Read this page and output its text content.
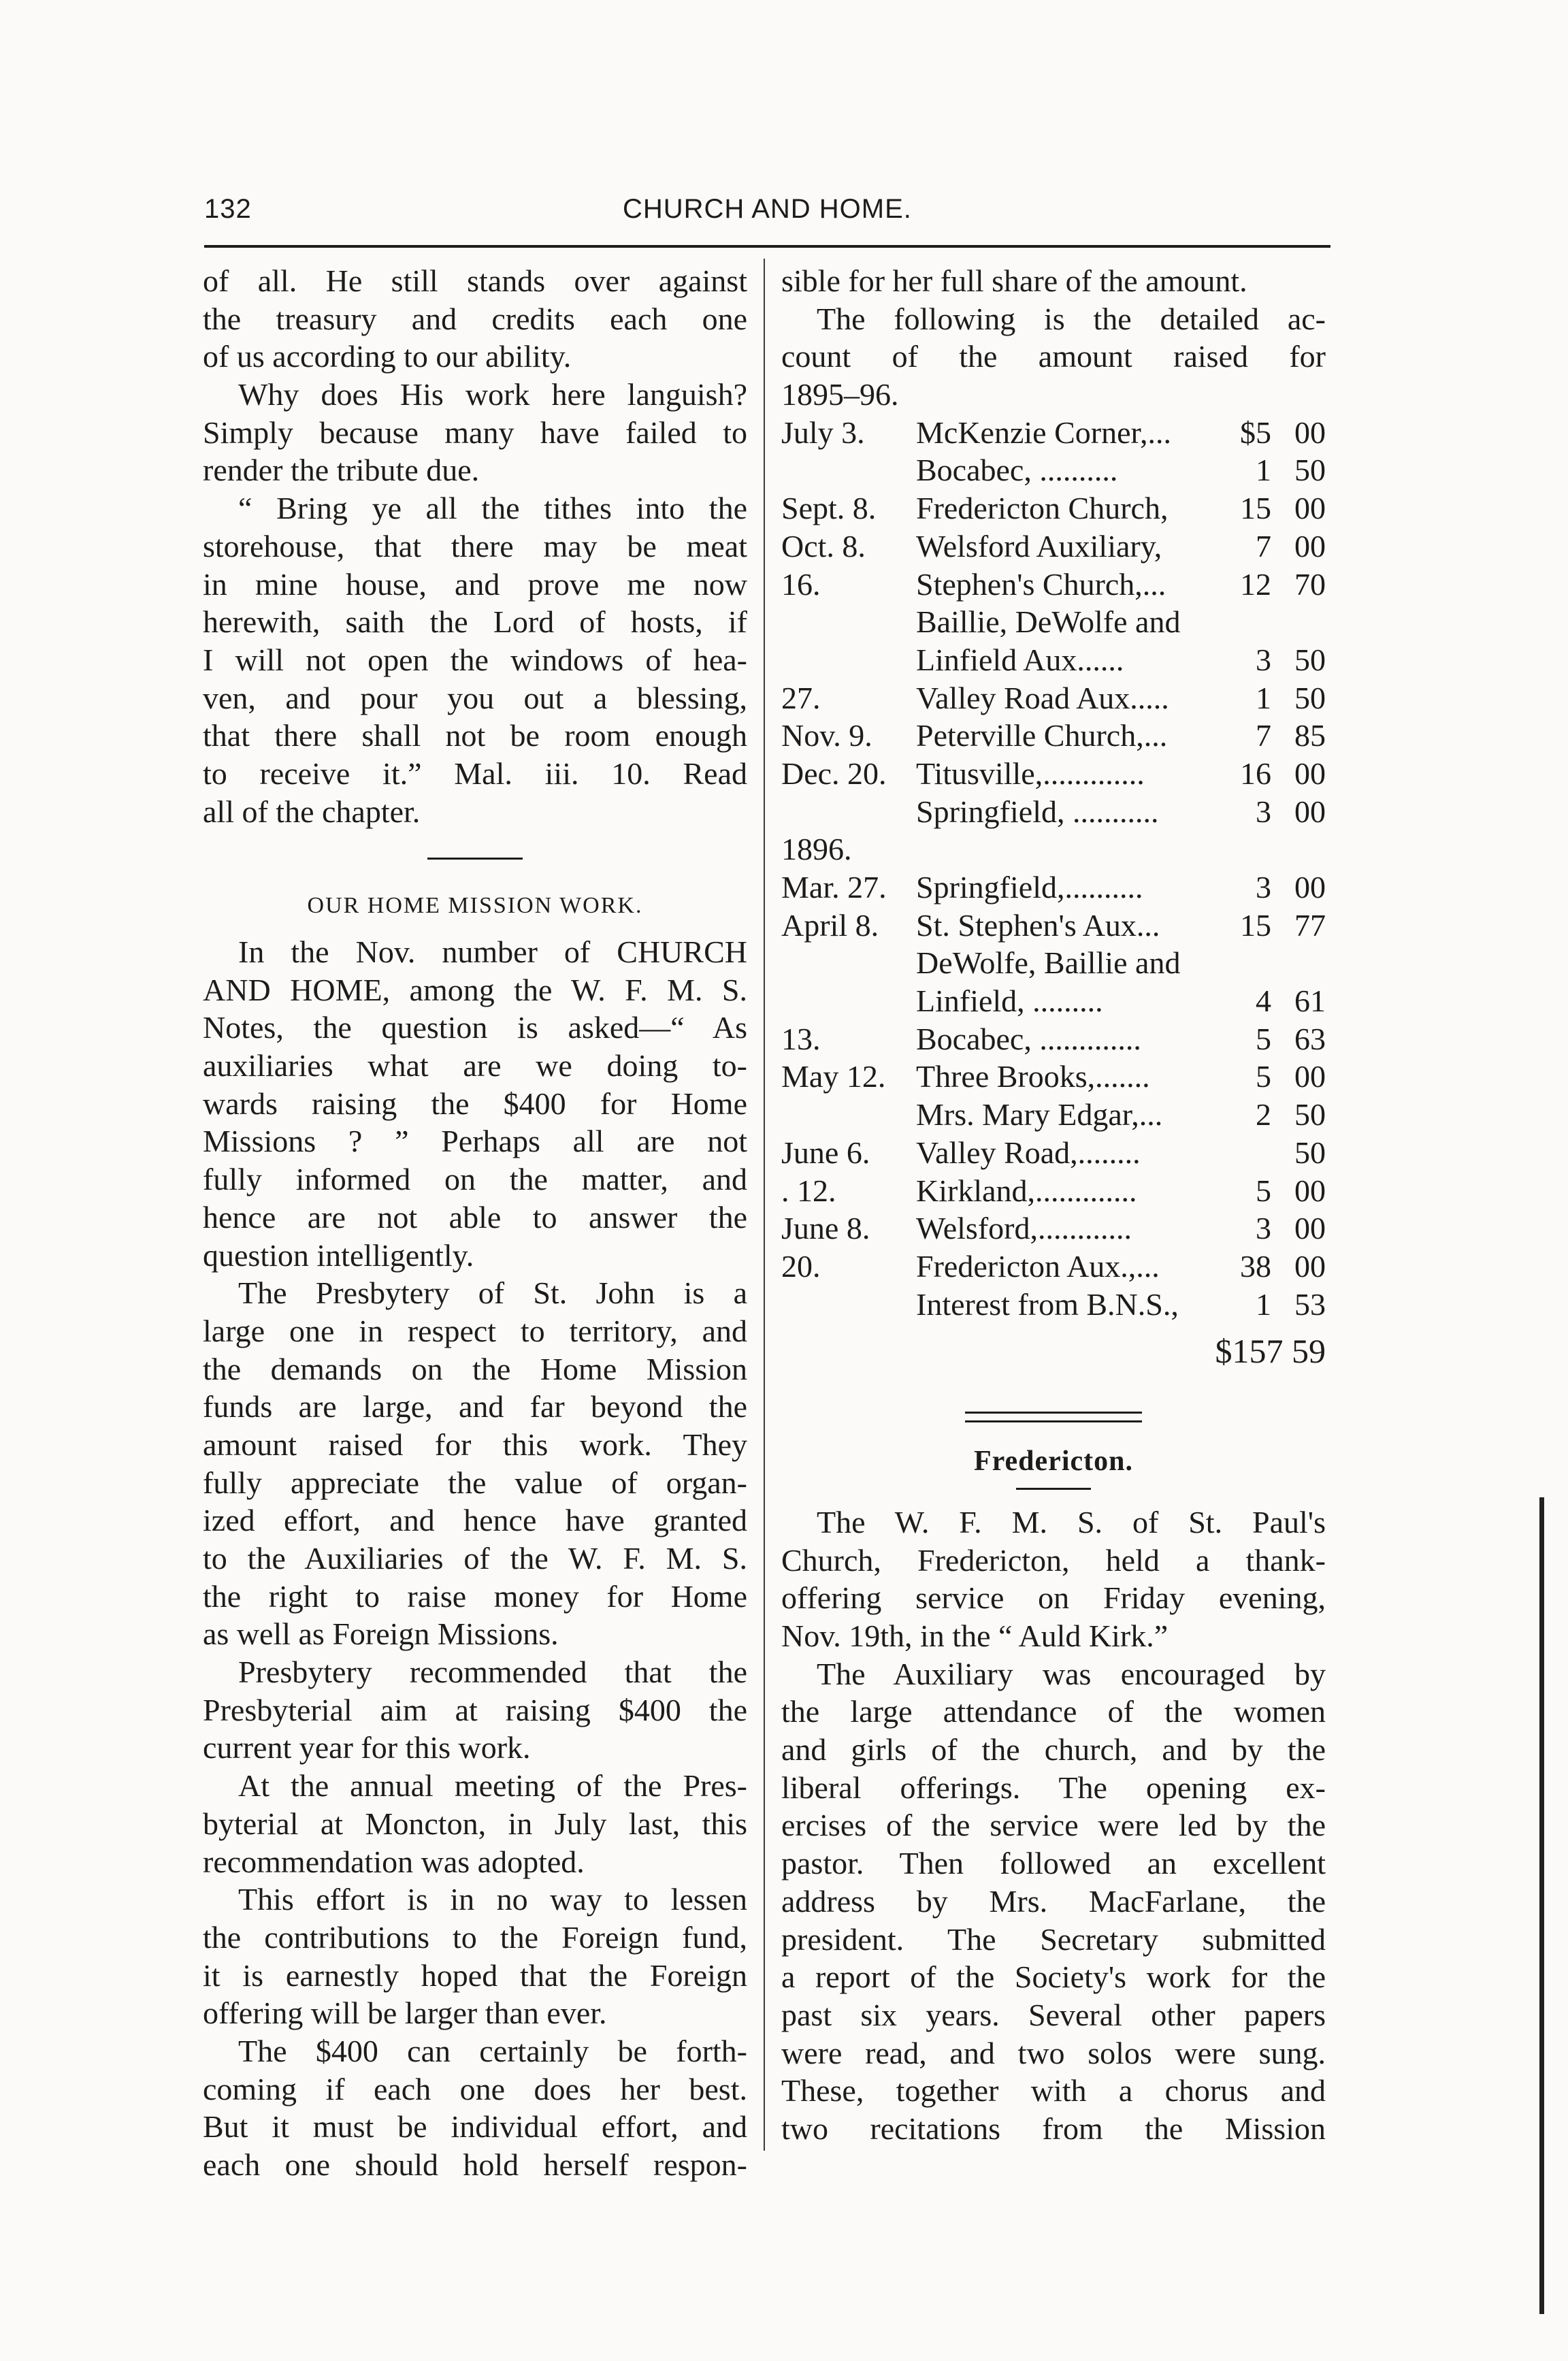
132	CHURCH AND HOME.
of all. He still stands over against
the treasury and credits each one
of us according to our ability.
Why does His work here languish?
Simply because many have failed to
render the tribute due.
“ Bring ye all the tithes into the
storehouse, that there may be meat
in mine house, and prove me now
herewith, saith the Lord of hosts, if
I will not open the windows of hea-
ven, and pour you out a blessing,
that there shall not be room enough
to receive it.” Mal. iii. 10. Read
all of the chapter.
OUR HOME MISSION WORK.
In the Nov. number of CHURCH
AND HOME, among the W. F. M. S.
Notes, the question is asked—“ As
auxiliaries what are we doing to-
wards raising the $400 for Home
Missions ? ” Perhaps all are not
fully informed on the matter, and
hence are not able to answer the
question intelligently.
The Presbytery of St. John is a
large one in respect to territory, and
the demands on the Home Mission
funds are large, and far beyond the
amount raised for this work. They
fully appreciate the value of organ-
ized effort, and hence have granted
to the Auxiliaries of the W. F. M. S.
the right to raise money for Home
as well as Foreign Missions.
Presbytery recommended that the
Presbyterial aim at raising $400 the
current year for this work.
At the annual meeting of the Pres-
byterial at Moncton, in July last, this
recommendation was adopted.
This effort is in no way to lessen
the contributions to the Foreign fund,
it is earnestly hoped that the Foreign
offering will be larger than ever.
The $400 can certainly be forth-
coming if each one does her best.
But it must be individual effort, and
each one should hold herself respon-
sible for her full share of the amount.
The following is the detailed ac-
count of the amount raised for
1895–96.
July 3. McKenzie Corner,... $5 00
Bocabec, ..........	1 50
Sept. 8. Fredericton Church, 15 00
Oct. 8. Welsford Auxiliary,	7 00
16.	Stephen's Church,... 12 70
Baillie, DeWolfe and
Linfield Aux......	3 50
27.	Valley Road Aux.....	1 50
Nov. 9. Peterville Church,...	7 85
Dec. 20. Titusville,.............	16 00
Springfield, ...........	3 00
1896.
Mar. 27. Springfield,..........	3 00
April 8. St. Stephen's Aux...	15 77
DeWolfe, Baillie and
Linfield, .........	4 61
13.	Bocabec, .............	5 63
May 12. Three Brooks,.......	5 00
Mrs. Mary Edgar,...	2 50
June 6. Valley Road,........	50
. 12.	Kirkland,.............	5 00
June 8. Welsford,............	3 00
20.	Fredericton Aux.,...	38 00
Interest from B.N.S., 1 53
$157 59
Fredericton.
The W. F. M. S. of St. Paul's
Church, Fredericton, held a thank-
offering service on Friday evening,
Nov. 19th, in the “ Auld Kirk.”
The Auxiliary was encouraged by
the large attendance of the women
and girls of the church, and by the
liberal offerings. The opening ex-
ercises of the service were led by the
pastor. Then followed an excellent
address by Mrs. MacFarlane, the
president. The Secretary submitted
a report of the Society's work for the
past six years. Several other papers
were read, and two solos were sung.
These, together with a chorus and
two recitations from the Mission
